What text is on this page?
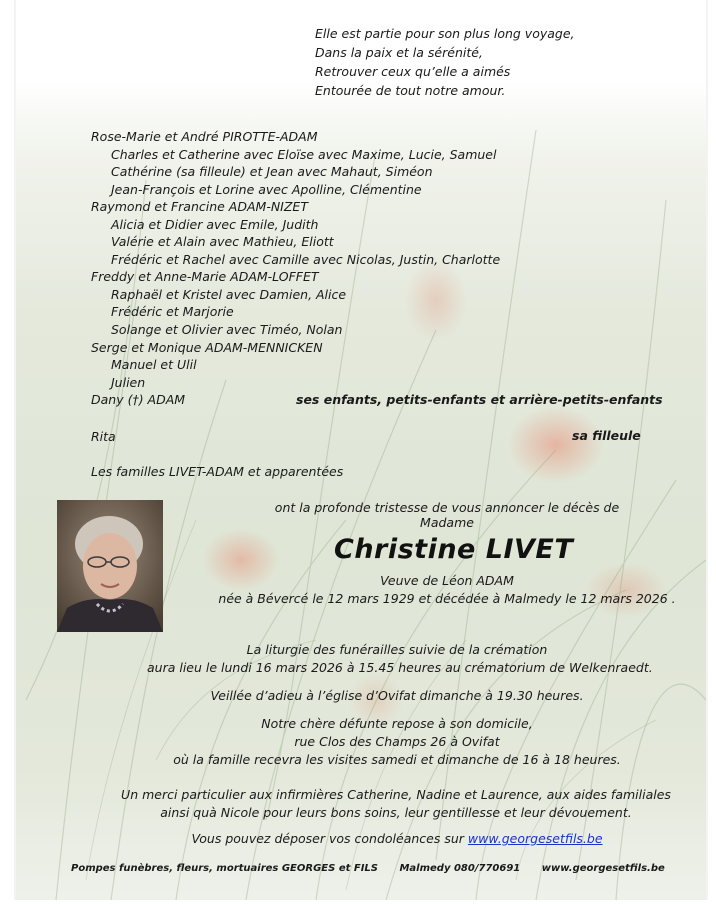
Elle est partie pour son plus long voyage,
Dans la paix et la sérénité,
Retrouver ceux qu’elle a aimés
Entourée de tout notre amour.
Rose-Marie et André PIROTTE-ADAM
Charles et Catherine avec Eloïse avec Maxime, Lucie, Samuel
Cathérine (sa filleule) et Jean avec Mahaut, Siméon
Jean-François et Lorine avec Apolline, Clémentine
Raymond et Francine ADAM-NIZET
Alicia et Didier avec Emile, Judith
Valérie et Alain avec Mathieu, Eliott
Frédéric et Rachel avec Camille avec Nicolas, Justin, Charlotte
Freddy et Anne-Marie ADAM-LOFFET
Raphaël et Kristel avec Damien, Alice
Frédéric et Marjorie
Solange et Olivier avec Timéo, Nolan
Serge et Monique ADAM-MENNICKEN
Manuel et Ulil
Julien
Dany (†) ADAM	ses enfants, petits-enfants et arrière-petits-enfants
Rita	sa filleule
Les familles LIVET-ADAM et apparentées
ont la profonde tristesse de vous annoncer le décès de
Madame
Christine LIVET
Veuve de Léon ADAM
née à Bévercé le 12 mars 1929 et décédée à Malmedy le 12 mars 2026 .
La liturgie des funérailles suivie de la crémation
aura lieu le lundi 16 mars 2026 à 15.45 heures au crématorium de Welkenraedt.
Veillée d’adieu à l’église d’Ovifat dimanche à 19.30 heures.
Notre chère défunte repose à son domicile,
rue Clos des Champs 26 à Ovifat
où la famille recevra les visites samedi et dimanche de 16 à 18 heures.
Un merci particulier aux infirmières Catherine, Nadine et Laurence, aux aides familiales
ainsi quà Nicole pour leurs bons soins, leur gentillesse et leur dévouement.
Vous pouvez déposer vos condoléances sur www.georgesetfils.be
Pompes funèbres, fleurs, mortuaires GEORGES et FILS Malmedy 080/770691 www.georgesetfils.be
